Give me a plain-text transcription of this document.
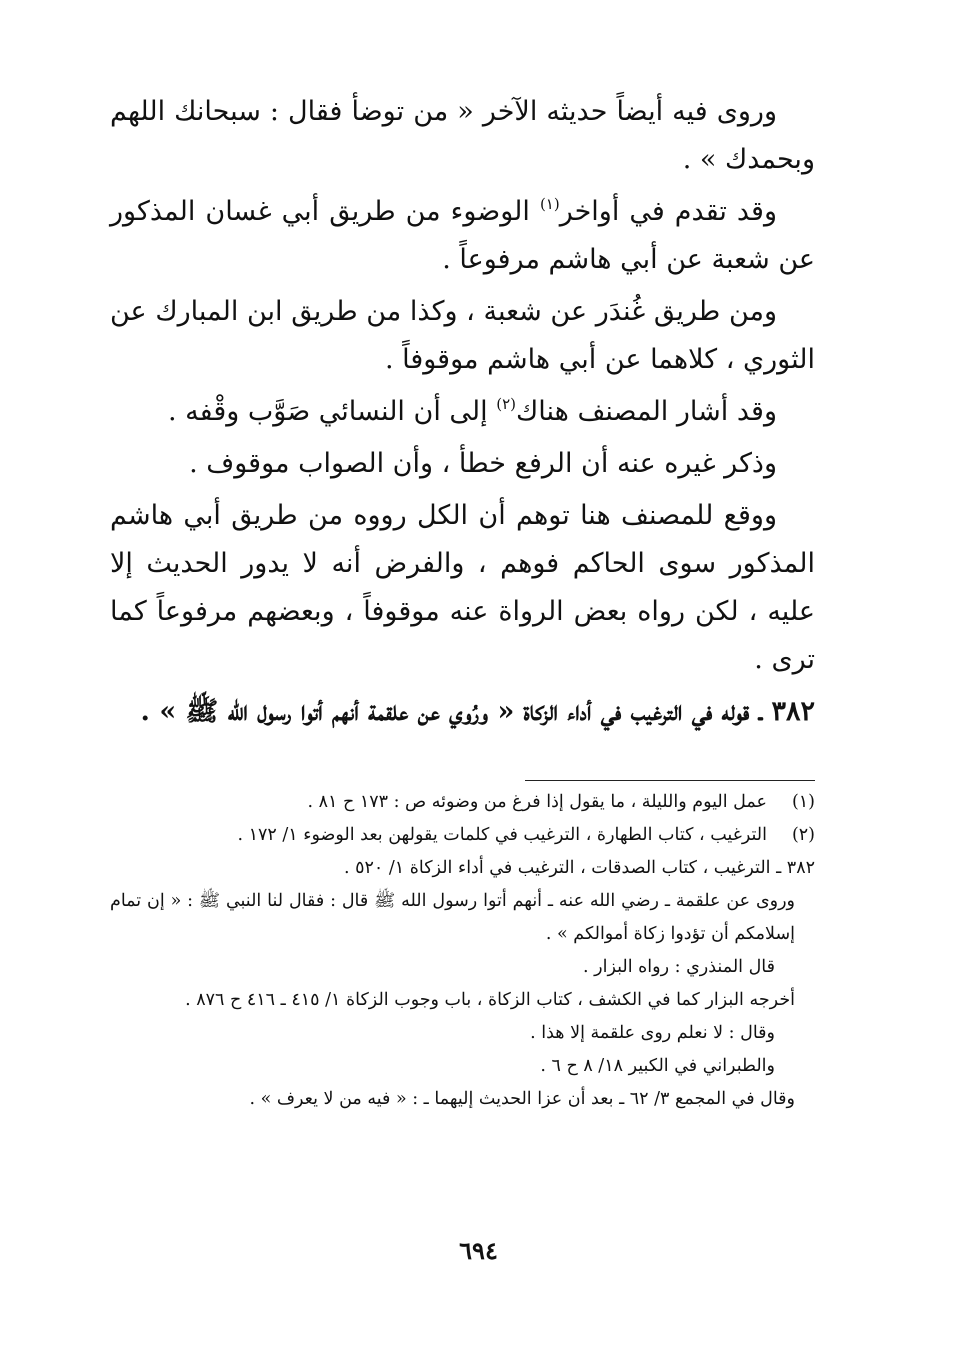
وروى فيه أيضاً حديثه الآخر « من توضأ فقال : سبحانك اللهم وبحمدك » .

وقد تقدم في أواخر$^{(١)}$ الوضوء من طريق أبي غسان المذكور عن شعبة عن أبي هاشم مرفوعاً .

ومن طريق غُندَر عن شعبة ، وكذا من طريق ابن المبارك عن الثوري ، كلاهما عن أبي هاشم موقوفاً .

وقد أشار المصنف هناك$^{(٢)}$ إلى أن النسائي صَوَّب وقْفه .

وذكر غيره عنه أن الرفع خطأ ، وأن الصواب موقوف .

ووقع للمصنف هنا توهم أن الكل رووه من طريق أبي هاشم المذكور سوى الحاكم فوهم ، والفرض أنه لا يدور الحديث إلا عليه ، لكن رواه بعض الرواة عنه موقوفاً ، وبعضهم مرفوعاً كما ترى .

٣٨٢ ـ قوله في الترغيب في أداء الزكاة « ورُوي عن علقمة أنهم أتوا رسول الله ﷺ » .

(١)عمل اليوم والليلة ، ما يقول إذا فرغ من وضوئه ص : ١٧٣ ح ٨١ .

(٢)الترغيب ، كتاب الطهارة ، الترغيب في كلمات يقولهن بعد الوضوء ١/ ١٧٢ .

٣٨٢ ـ الترغيب ، كتاب الصدقات ، الترغيب في أداء الزكاة ١/ ٥٢٠ .

وروى عن علقمة ـ رضي الله عنه ـ أنهم أتوا رسول الله ﷺ قال : فقال لنا النبي ﷺ : « إن تمام إسلامكم أن تؤدوا زكاة أموالكم » .

قال المنذري : رواه البزار .

أخرجه البزار كما في الكشف ، كتاب الزكاة ، باب وجوب الزكاة ١/ ٤١٥ ـ ٤١٦ ح ٨٧٦ .

وقال : لا نعلم روى علقمة إلا هذا .

والطبراني في الكبير ١٨/ ٨ ح ٦ .

وقال في المجمع ٣/ ٦٢ ـ بعد أن عزا الحديث إليهما ـ : « فيه من لا يعرف » .

٦٩٤
